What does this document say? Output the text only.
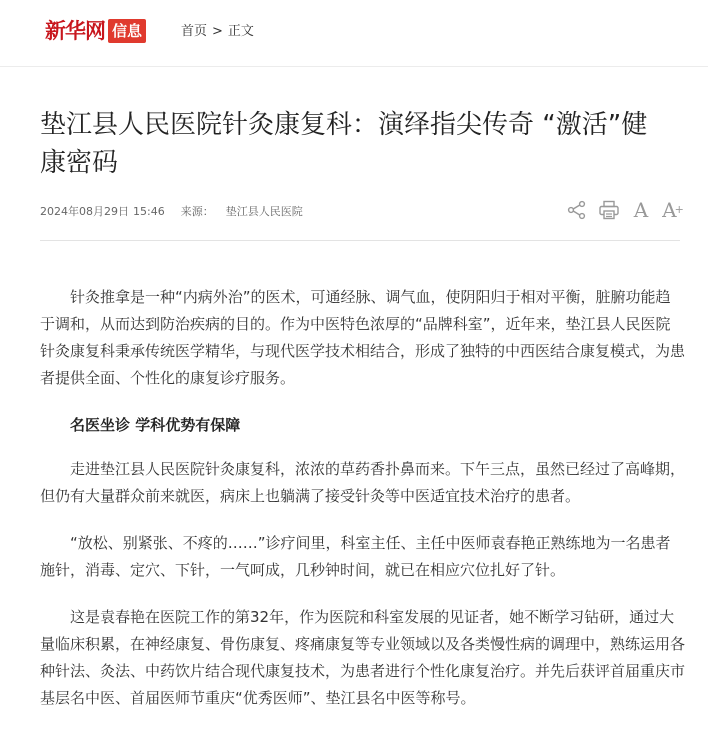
新华网 信息	首页 > 正文
垫江县人民医院针灸康复科：演绎指尖传奇 “激活”健康密码
2024年08月29日 15:46 来源： 垫江县人民医院	A A
+

针灸推拿是一种“内病外治”的医术，可通经脉、调气血，使阴阳归于相对平衡，脏腑功能趋于调和，从而达到防治疾病的目的。作为中医特色浓厚的“品牌科室”，近年来，垫江县人民医院针灸康复科秉承传统医学精华，与现代医学技术相结合，形成了独特的中西医结合康复模式，为患者提供全面、个性化的康复诊疗服务。

名医坐诊 学科优势有保障

走进垫江县人民医院针灸康复科，浓浓的草药香扑鼻而来。下午三点，虽然已经过了高峰期，但仍有大量群众前来就医，病床上也躺满了接受针灸等中医适宜技术治疗的患者。

“放松、别紧张、不疼的……”诊疗间里，科室主任、主任中医师袁春艳正熟练地为一名患者施针，消毒、定穴、下针，一气呵成，几秒钟时间，就已在相应穴位扎好了针。

这是袁春艳在医院工作的第32年，作为医院和科室发展的见证者，她不断学习钻研，通过大量临床积累，在神经康复、骨伤康复、疼痛康复等专业领域以及各类慢性病的调理中，熟练运用各种针法、灸法、中药饮片结合现代康复技术，为患者进行个性化康复治疗。并先后获评首届重庆市基层名中医、首届医师节重庆“优秀医师”、垫江县名中医等称号。
